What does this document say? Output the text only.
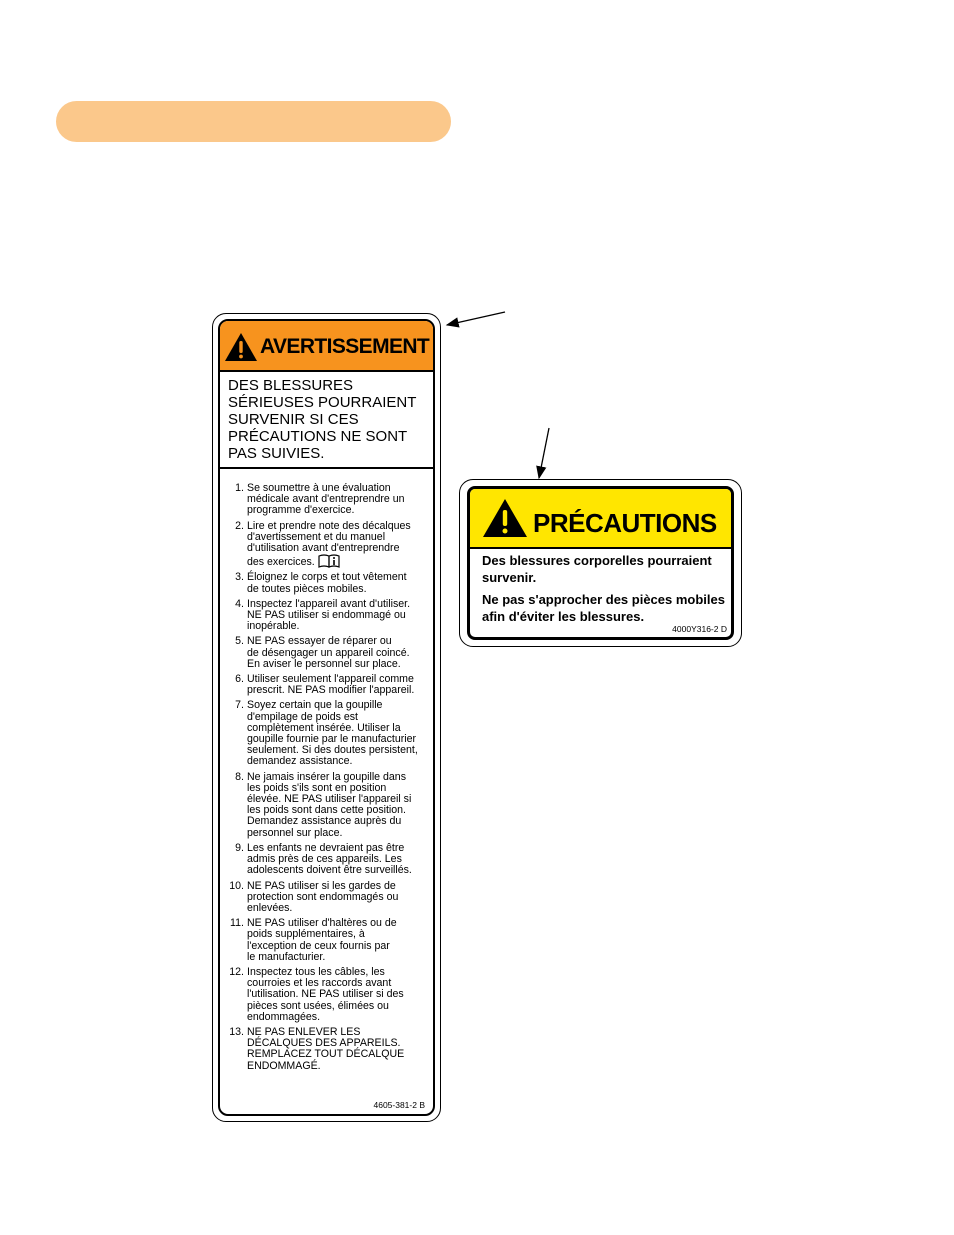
AVERTISSEMENT
DES BLESSURES SÉRIEUSES POURRAIENT SURVENIR SI CES PRÉCAUTIONS NE SONT PAS SUIVIES.
1. Se soumettre à une évaluation
médicale avant d'entreprendre un
programme d'exercice.
2. Lire et prendre note des décalques
d'avertissement et du manuel
d'utilisation avant d'entreprendre
des exercices.
3. Éloignez le corps et tout vêtement
de toutes pièces mobiles.
4. Inspectez l'appareil avant d'utiliser.
NE PAS utiliser si endommagé ou
inopérable.
5. NE PAS essayer de réparer ou
de désengager un appareil coincé.
En aviser le personnel sur place.
6. Utiliser seulement l'appareil comme
prescrit. NE PAS modifier l'appareil.
7. Soyez certain que la goupille
d'empilage de poids est
complètement insérée. Utiliser la
goupille fournie par le manufacturier
seulement. Si des doutes persistent,
demandez assistance.
8. Ne jamais insérer la goupille dans
les poids s'ils sont en position
élevée. NE PAS utiliser l'appareil si
les poids sont dans cette position.
Demandez assistance auprès du
personnel sur place.
9. Les enfants ne devraient pas être
admis près de ces appareils. Les
adolescents doivent être surveillés.
10. NE PAS utiliser si les gardes de
protection sont endommagés ou
enlevées.
11. NE PAS utiliser d'haltères ou de
poids supplémentaires, à
l'exception de ceux fournis par
le manufacturier.
12. Inspectez tous les câbles, les
courroies et les raccords avant
l'utilisation. NE PAS utiliser si des
pièces sont usées, élimées ou
endommagées.
13. NE PAS ENLEVER LES
DÉCALQUES DES APPAREILS.
REMPLACEZ TOUT DÉCALQUE
ENDOMMAGÉ.
4605-381-2 B
PRÉCAUTIONS
Des blessures corporelles pourraient survenir.
Ne pas s'approcher des pièces mobiles afin d'éviter les blessures.
4000Y316-2 D
